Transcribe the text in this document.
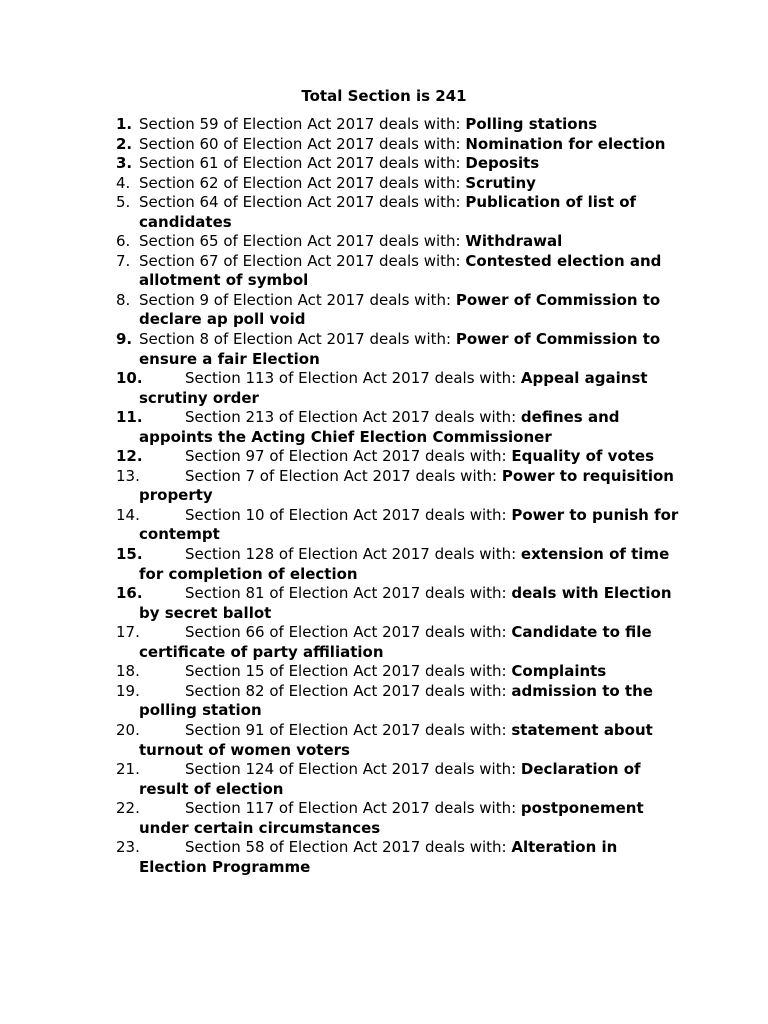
Total Section is 241
1. Section 59 of Election Act 2017 deals with: Polling stations
2. Section 60 of Election Act 2017 deals with: Nomination for election
3. Section 61 of Election Act 2017 deals with: Deposits
4. Section 62 of Election Act 2017 deals with: Scrutiny
5. Section 64 of Election Act 2017 deals with: Publication of list of candidates
6. Section 65 of Election Act 2017 deals with: Withdrawal
7. Section 67 of Election Act 2017 deals with: Contested election and allotment of symbol
8. Section 9 of Election Act 2017 deals with: Power of Commission to declare ap poll void
9. Section 8 of Election Act 2017 deals with: Power of Commission to ensure a fair Election
10.	Section 113 of Election Act 2017 deals with: Appeal against scrutiny order
11.	Section 213 of Election Act 2017 deals with: defines and appoints the Acting Chief Election Commissioner
12.	Section 97 of Election Act 2017 deals with: Equality of votes
13.	Section 7 of Election Act 2017 deals with: Power to requisition property
14.	Section 10 of Election Act 2017 deals with: Power to punish for contempt
15.	Section 128 of Election Act 2017 deals with: extension of time for completion of election
16.	Section 81 of Election Act 2017 deals with: deals with Election by secret ballot
17.	Section 66 of Election Act 2017 deals with: Candidate to file certificate of party affiliation
18.	Section 15 of Election Act 2017 deals with: Complaints
19.	Section 82 of Election Act 2017 deals with: admission to the polling station
20.	Section 91 of Election Act 2017 deals with: statement about turnout of women voters
21.	Section 124 of Election Act 2017 deals with: Declaration of result of election
22.	Section 117 of Election Act 2017 deals with: postponement under certain circumstances
23.	Section 58 of Election Act 2017 deals with: Alteration in Election Programme
